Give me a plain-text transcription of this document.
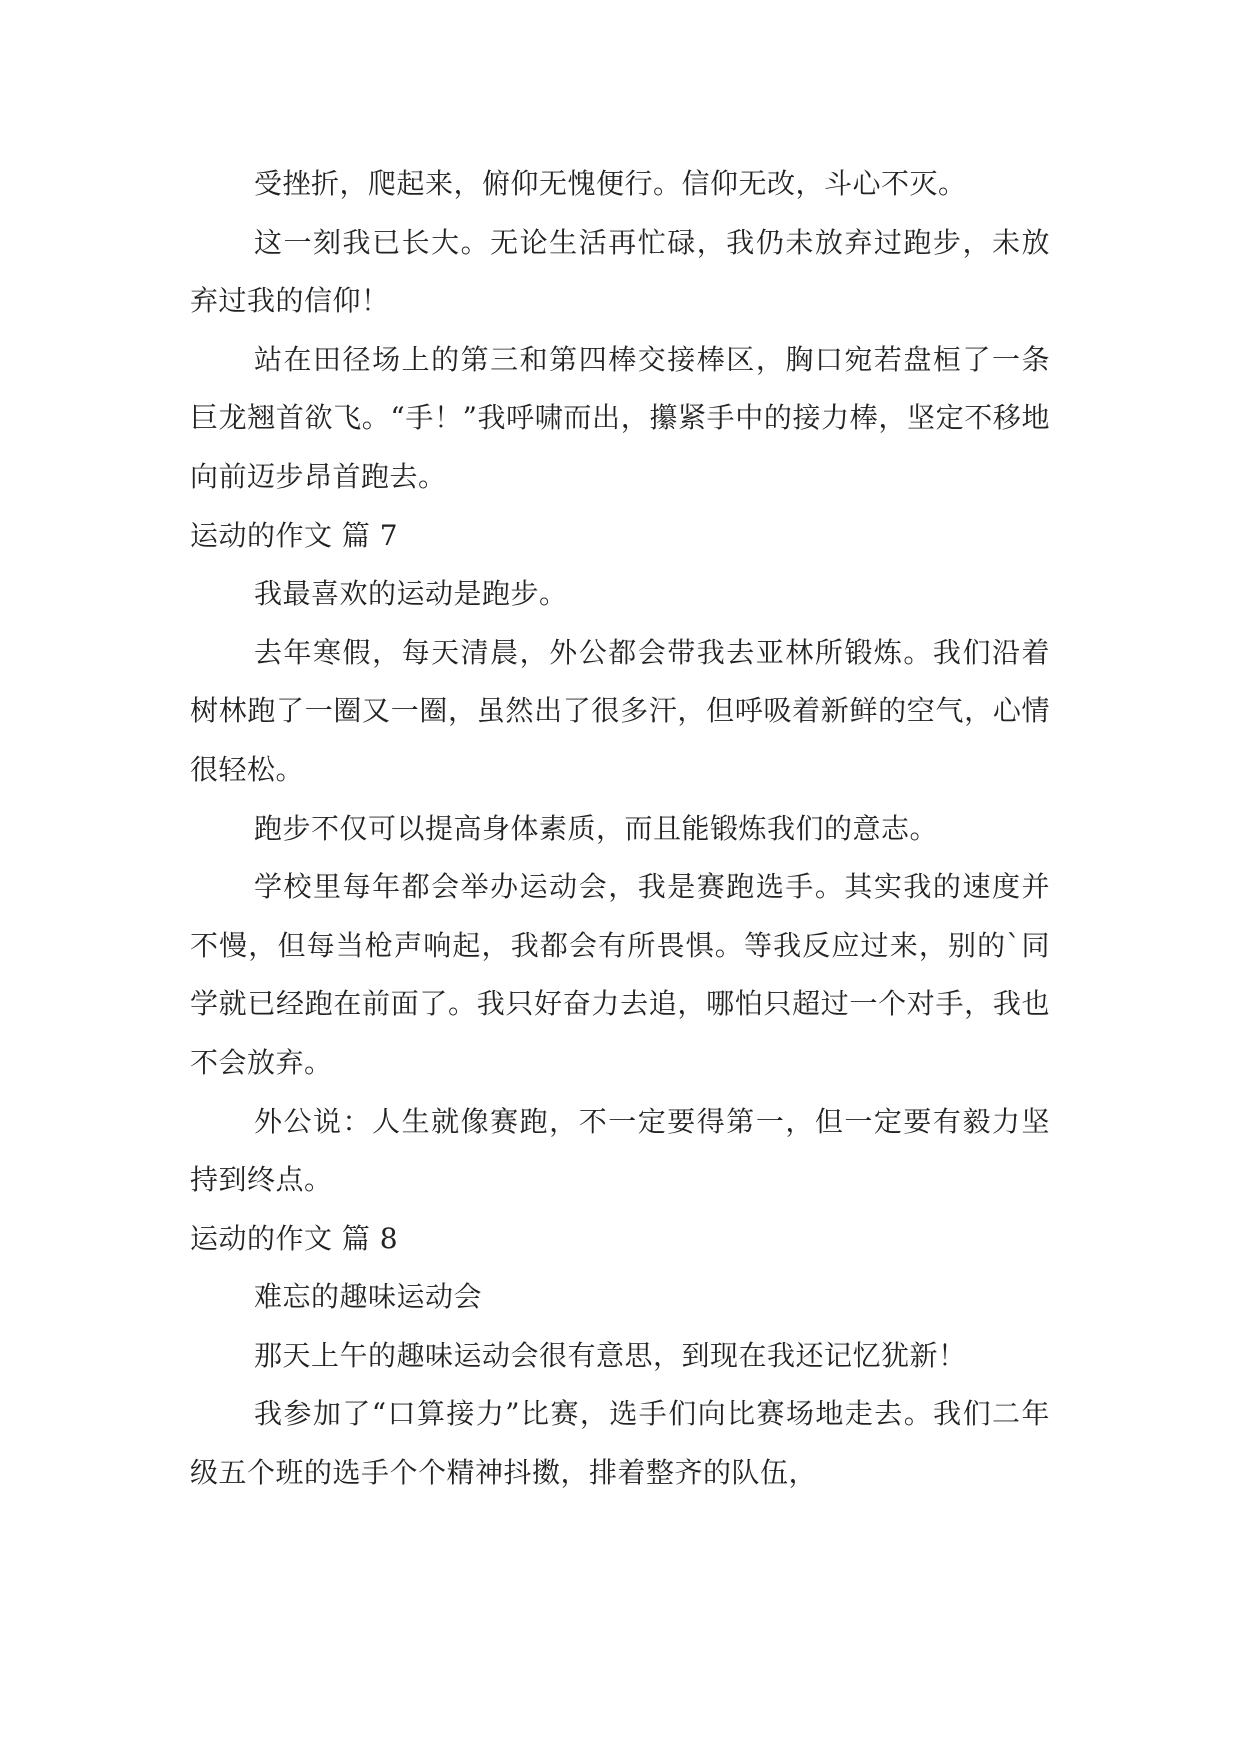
受挫折，爬起来，俯仰无愧便行。信仰无改，斗心不灭。

这一刻我已长大。无论生活再忙碌，我仍未放弃过跑步，未放弃过我的信仰！

站在田径场上的第三和第四棒交接棒区，胸口宛若盘桓了一条巨龙翘首欲飞。“手！”我呼啸而出，攥紧手中的接力棒，坚定不移地向前迈步昂首跑去。

运动的作文 篇 7

我最喜欢的运动是跑步。

去年寒假，每天清晨，外公都会带我去亚林所锻炼。我们沿着树林跑了一圈又一圈，虽然出了很多汗，但呼吸着新鲜的空气，心情很轻松。

跑步不仅可以提高身体素质，而且能锻炼我们的意志。

学校里每年都会举办运动会，我是赛跑选手。其实我的速度并不慢，但每当枪声响起，我都会有所畏惧。等我反应过来，别的`同学就已经跑在前面了。我只好奋力去追，哪怕只超过一个对手，我也不会放弃。

外公说：人生就像赛跑，不一定要得第一，但一定要有毅力坚持到终点。

运动的作文 篇 8

难忘的趣味运动会

那天上午的趣味运动会很有意思，到现在我还记忆犹新！

我参加了“口算接力”比赛，选手们向比赛场地走去。我们二年级五个班的选手个个精神抖擞，排着整齐的队伍，
